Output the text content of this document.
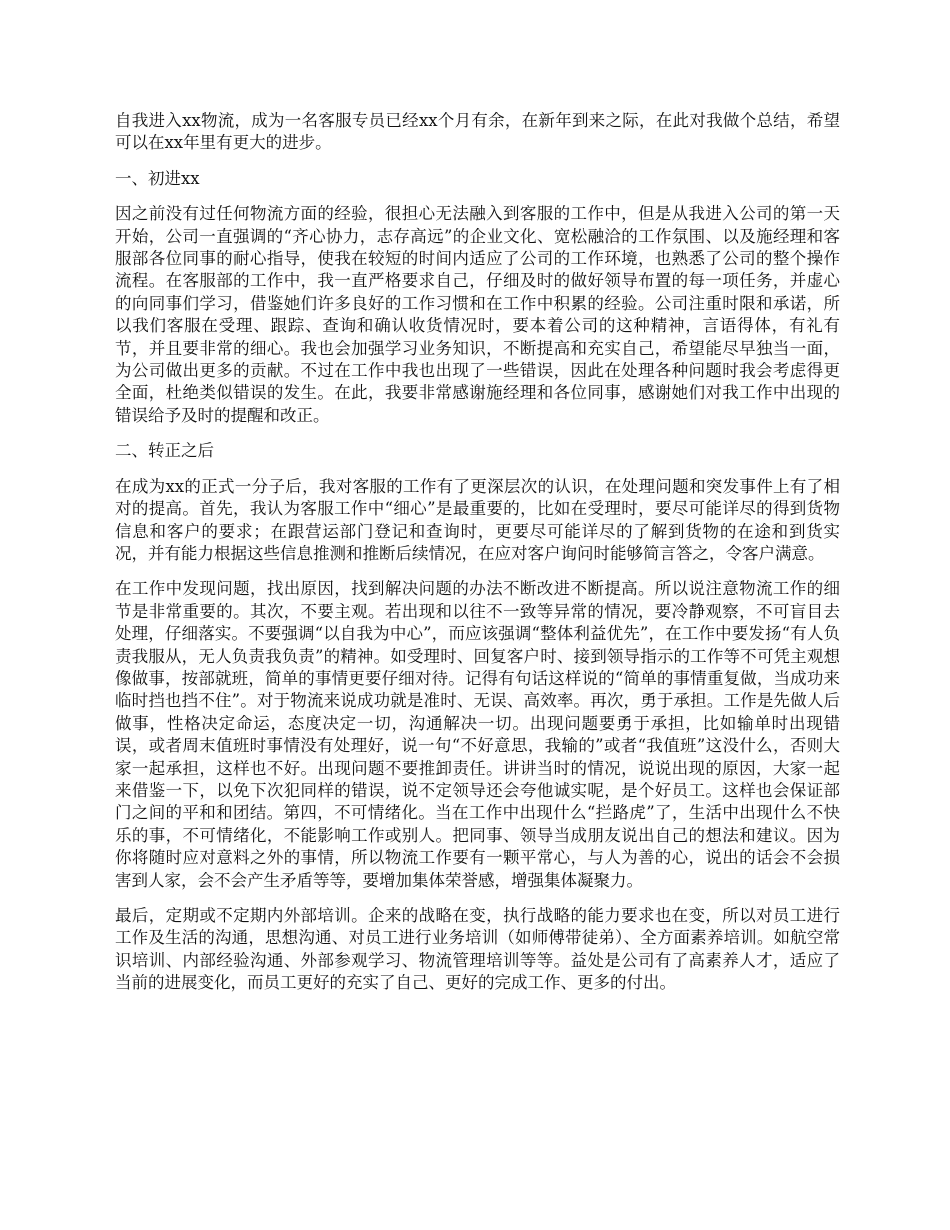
自我进入xx物流，成为一名客服专员已经xx个月有余，在新年到来之际，在此对我做个总结，希望可以在xx年里有更大的进步。

一、初进xx

因之前没有过任何物流方面的经验，很担心无法融入到客服的工作中，但是从我进入公司的第一天开始，公司一直强调的“齐心协力，志存高远”的企业文化、宽松融洽的工作氛围、以及施经理和客服部各位同事的耐心指导，使我在较短的时间内适应了公司的工作环境，也熟悉了公司的整个操作流程。在客服部的工作中，我一直严格要求自己，仔细及时的做好领导布置的每一项任务，并虚心的向同事们学习，借鉴她们许多良好的工作习惯和在工作中积累的经验。公司注重时限和承诺，所以我们客服在受理、跟踪、查询和确认收货情况时，要本着公司的这种精神，言语得体，有礼有节，并且要非常的细心。我也会加强学习业务知识，不断提高和充实自己，希望能尽早独当一面，为公司做出更多的贡献。不过在工作中我也出现了一些错误，因此在处理各种问题时我会考虑得更全面，杜绝类似错误的发生。在此，我要非常感谢施经理和各位同事，感谢她们对我工作中出现的错误给予及时的提醒和改正。

二、转正之后

在成为xx的正式一分子后，我对客服的工作有了更深层次的认识，在处理问题和突发事件上有了相对的提高。首先，我认为客服工作中“细心”是最重要的，比如在受理时，要尽可能详尽的得到货物信息和客户的要求；在跟营运部门登记和查询时，更要尽可能详尽的了解到货物的在途和到货实况，并有能力根据这些信息推测和推断后续情况，在应对客户询问时能够简言答之，令客户满意。

在工作中发现问题，找出原因，找到解决问题的办法不断改进不断提高。所以说注意物流工作的细节是非常重要的。其次，不要主观。若出现和以往不一致等异常的情况，要冷静观察，不可盲目去处理，仔细落实。不要强调“以自我为中心”，而应该强调“整体利益优先”，在工作中要发扬“有人负责我服从，无人负责我负责”的精神。如受理时、回复客户时、接到领导指示的工作等不可凭主观想像做事，按部就班，简单的事情更要仔细对待。记得有句话这样说的“简单的事情重复做，当成功来临时挡也挡不住”。对于物流来说成功就是准时、无误、高效率。再次，勇于承担。工作是先做人后做事，性格决定命运，态度决定一切，沟通解决一切。出现问题要勇于承担，比如输单时出现错误，或者周末值班时事情没有处理好，说一句“不好意思，我输的”或者“我值班”这没什么，否则大家一起承担，这样也不好。出现问题不要推卸责任。讲讲当时的情况，说说出现的原因，大家一起来借鉴一下，以免下次犯同样的错误，说不定领导还会夸他诚实呢，是个好员工。这样也会保证部门之间的平和和团结。第四，不可情绪化。当在工作中出现什么“拦路虎”了，生活中出现什么不快乐的事，不可情绪化，不能影响工作或别人。把同事、领导当成朋友说出自己的想法和建议。因为你将随时应对意料之外的事情，所以物流工作要有一颗平常心，与人为善的心，说出的话会不会损害到人家，会不会产生矛盾等等，要增加集体荣誉感，增强集体凝聚力。

最后，定期或不定期内外部培训。企来的战略在变，执行战略的能力要求也在变，所以对员工进行工作及生活的沟通，思想沟通、对员工进行业务培训（如师傅带徒弟）、全方面素养培训。如航空常识培训、内部经验沟通、外部参观学习、物流管理培训等等。益处是公司有了高素养人才，适应了当前的进展变化，而员工更好的充实了自己、更好的完成工作、更多的付出。
